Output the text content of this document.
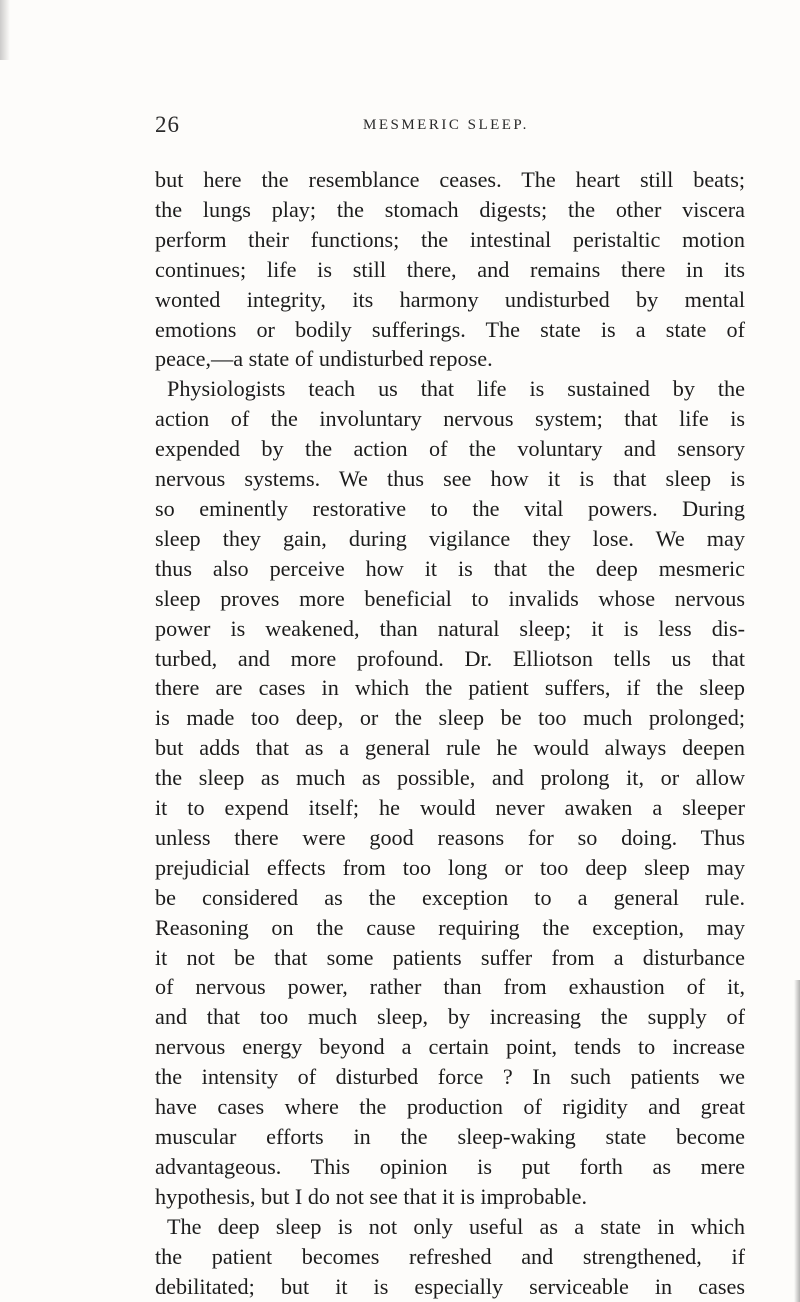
26	MESMERIC SLEEP.
but here the resemblance ceases. The heart still beats;
the lungs play; the stomach digests; the other viscera
perform their functions; the intestinal peristaltic motion
continues; life is still there, and remains there in its
wonted integrity, its harmony undisturbed by mental
emotions or bodily sufferings. The state is a state of
peace,—a state of undisturbed repose.
Physiologists teach us that life is sustained by the
action of the involuntary nervous system; that life is
expended by the action of the voluntary and sensory
nervous systems. We thus see how it is that sleep is
so eminently restorative to the vital powers. During
sleep they gain, during vigilance they lose. We may
thus also perceive how it is that the deep mesmeric
sleep proves more beneficial to invalids whose nervous
power is weakened, than natural sleep; it is less dis-
turbed, and more profound. Dr. Elliotson tells us that
there are cases in which the patient suffers, if the sleep
is made too deep, or the sleep be too much prolonged;
but adds that as a general rule he would always deepen
the sleep as much as possible, and prolong it, or allow
it to expend itself; he would never awaken a sleeper
unless there were good reasons for so doing. Thus
prejudicial effects from too long or too deep sleep may
be considered as the exception to a general rule.
Reasoning on the cause requiring the exception, may
it not be that some patients suffer from a disturbance
of nervous power, rather than from exhaustion of it,
and that too much sleep, by increasing the supply of
nervous energy beyond a certain point, tends to increase
the intensity of disturbed force ? In such patients we
have cases where the production of rigidity and great
muscular efforts in the sleep-waking state become
advantageous. This opinion is put forth as mere
hypothesis, but I do not see that it is improbable.
The deep sleep is not only useful as a state in which
the patient becomes refreshed and strengthened, if
debilitated; but it is especially serviceable in cases
